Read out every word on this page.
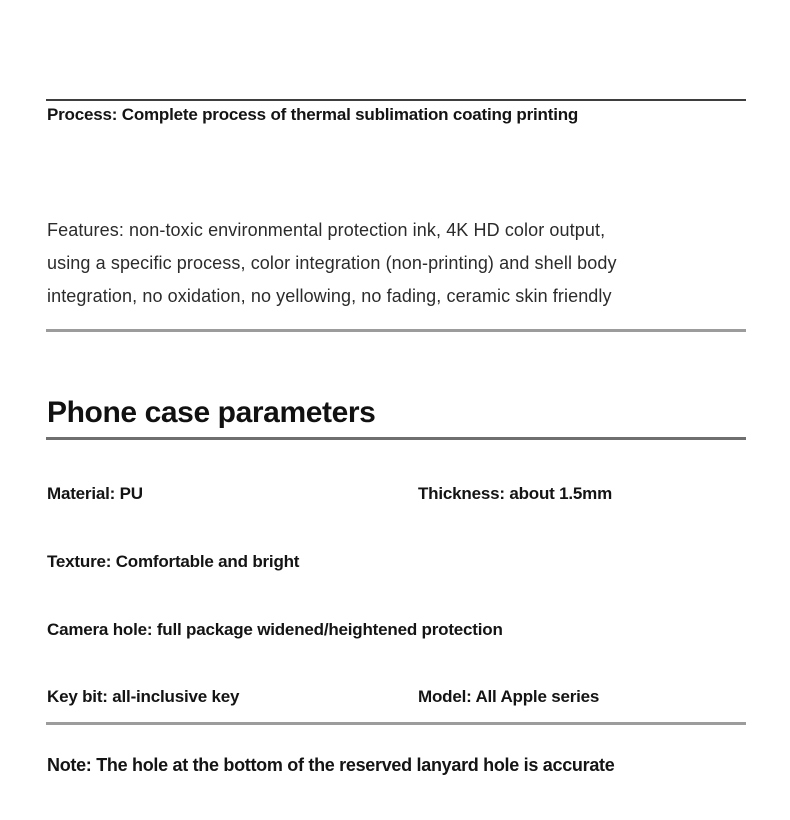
Process: Complete process of thermal sublimation coating printing
Features: non-toxic environmental protection ink, 4K HD color output,
using a specific process, color integration (non-printing) and shell body
integration, no oxidation, no yellowing, no fading, ceramic skin friendly
Phone case parameters
Material: PU	Thickness: about 1.5mm
Texture: Comfortable and bright
Camera hole: full package widened/heightened protection
Key bit: all-inclusive key	Model: All Apple series
Note: The hole at the bottom of the reserved lanyard hole is accurate
